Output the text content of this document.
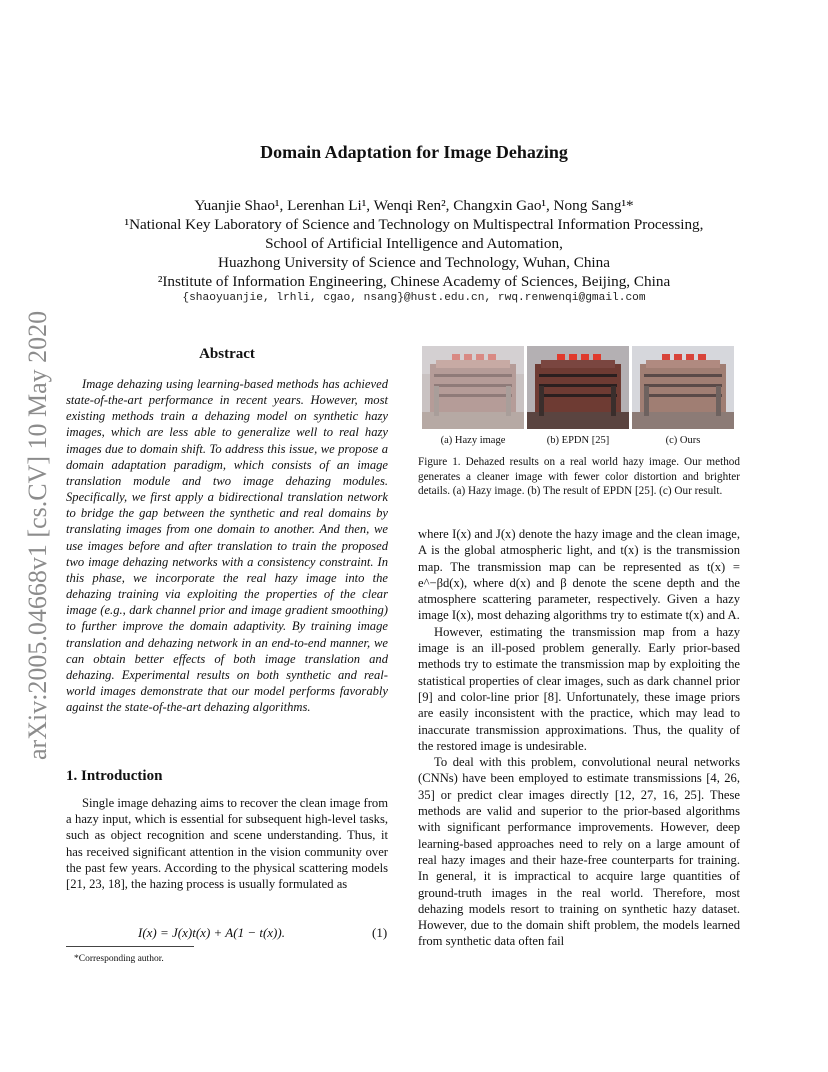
arXiv:2005.04668v1 [cs.CV] 10 May 2020
Domain Adaptation for Image Dehazing
Yuanjie Shao¹, Lerenhan Li¹, Wenqi Ren², Changxin Gao¹, Nong Sang¹*
¹National Key Laboratory of Science and Technology on Multispectral Information Processing,
School of Artificial Intelligence and Automation,
Huazhong University of Science and Technology, Wuhan, China
²Institute of Information Engineering, Chinese Academy of Sciences, Beijing, China
{shaoyuanjie, lrhli, cgao, nsang}@hust.edu.cn, rwq.renwenqi@gmail.com
Abstract
Image dehazing using learning-based methods has achieved state-of-the-art performance in recent years. However, most existing methods train a dehazing model on synthetic hazy images, which are less able to generalize well to real hazy images due to domain shift. To address this issue, we propose a domain adaptation paradigm, which consists of an image translation module and two image dehazing modules. Specifically, we first apply a bidirectional translation network to bridge the gap between the synthetic and real domains by translating images from one domain to another. And then, we use images before and after translation to train the proposed two image dehazing networks with a consistency constraint. In this phase, we incorporate the real hazy image into the dehazing training via exploiting the properties of the clear image (e.g., dark channel prior and image gradient smoothing) to further improve the domain adaptivity. By training image translation and dehazing network in an end-to-end manner, we can obtain better effects of both image translation and dehazing. Experimental results on both synthetic and real-world images demonstrate that our model performs favorably against the state-of-the-art dehazing algorithms.
1. Introduction
Single image dehazing aims to recover the clean image from a hazy input, which is essential for subsequent high-level tasks, such as object recognition and scene understanding. Thus, it has received significant attention in the vision community over the past few years. According to the physical scattering models [21, 23, 18], the hazing process is usually formulated as
I(x) = J(x)t(x) + A(1 − t(x)).	(1)
*Corresponding author.
(a) Hazy image	(b) EPDN [25]	(c) Ours
Figure 1. Dehazed results on a real world hazy image. Our method generates a cleaner image with fewer color distortion and brighter details. (a) Hazy image. (b) The result of EPDN [25]. (c) Our result.

where I(x) and J(x) denote the hazy image and the clean image, A is the global atmospheric light, and t(x) is the transmission map. The transmission map can be represented as t(x) = e^−βd(x), where d(x) and β denote the scene depth and the atmosphere scattering parameter, respectively. Given a hazy image I(x), most dehazing algorithms try to estimate t(x) and A.

However, estimating the transmission map from a hazy image is an ill-posed problem generally. Early prior-based methods try to estimate the transmission map by exploiting the statistical properties of clear images, such as dark channel prior [9] and color-line prior [8]. Unfortunately, these image priors are easily inconsistent with the practice, which may lead to inaccurate transmission approximations. Thus, the quality of the restored image is undesirable.

To deal with this problem, convolutional neural networks (CNNs) have been employed to estimate transmissions [4, 26, 35] or predict clear images directly [12, 27, 16, 25]. These methods are valid and superior to the prior-based algorithms with significant performance improvements. However, deep learning-based approaches need to rely on a large amount of real hazy images and their haze-free counterparts for training. In general, it is impractical to acquire large quantities of ground-truth images in the real world. Therefore, most dehazing models resort to training on synthetic hazy dataset. However, due to the domain shift problem, the models learned from synthetic data often fail
